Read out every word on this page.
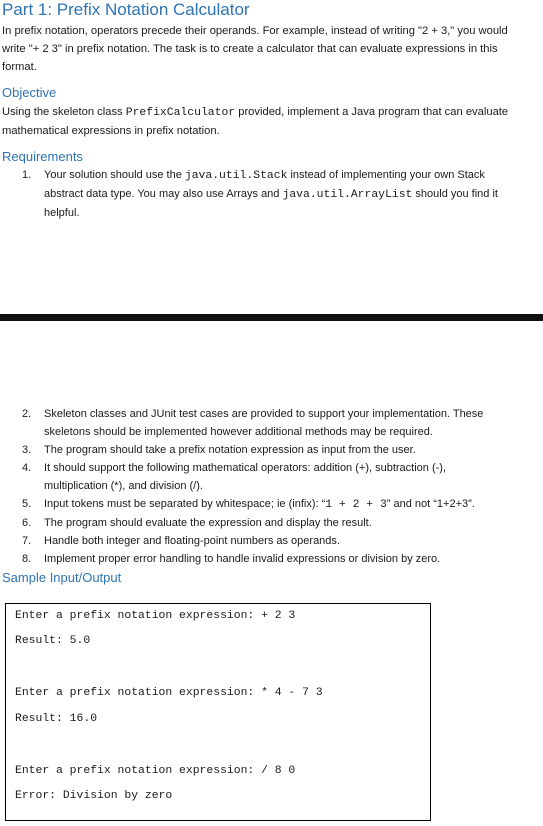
Part 1: Prefix Notation Calculator
In prefix notation, operators precede their operands. For example, instead of writing "2 + 3," you would
write "+ 2 3" in prefix notation. The task is to create a calculator that can evaluate expressions in this
format.
Objective
Using the skeleton class PrefixCalculator provided, implement a Java program that can evaluate
mathematical expressions in prefix notation.
Requirements
1. Your solution should use the java.util.Stack instead of implementing your own Stack
abstract data type. You may also use Arrays and java.util.ArrayList should you find it
helpful.
2. Skeleton classes and JUnit test cases are provided to support your implementation. These
skeletons should be implemented however additional methods may be required.
3. The program should take a prefix notation expression as input from the user.
4. It should support the following mathematical operators: addition (+), subtraction (-),
multiplication (*), and division (/).
5. Input tokens must be separated by whitespace; ie (infix): “1 + 2 + 3” and not “1+2+3”.
6. The program should evaluate the expression and display the result.
7. Handle both integer and floating-point numbers as operands.
8. Implement proper error handling to handle invalid expressions or division by zero.
Sample Input/Output
Enter a prefix notation expression: + 2 3
Result: 5.0
Enter a prefix notation expression: * 4 - 7 3
Result: 16.0
Enter a prefix notation expression: / 8 0
Error: Division by zero
